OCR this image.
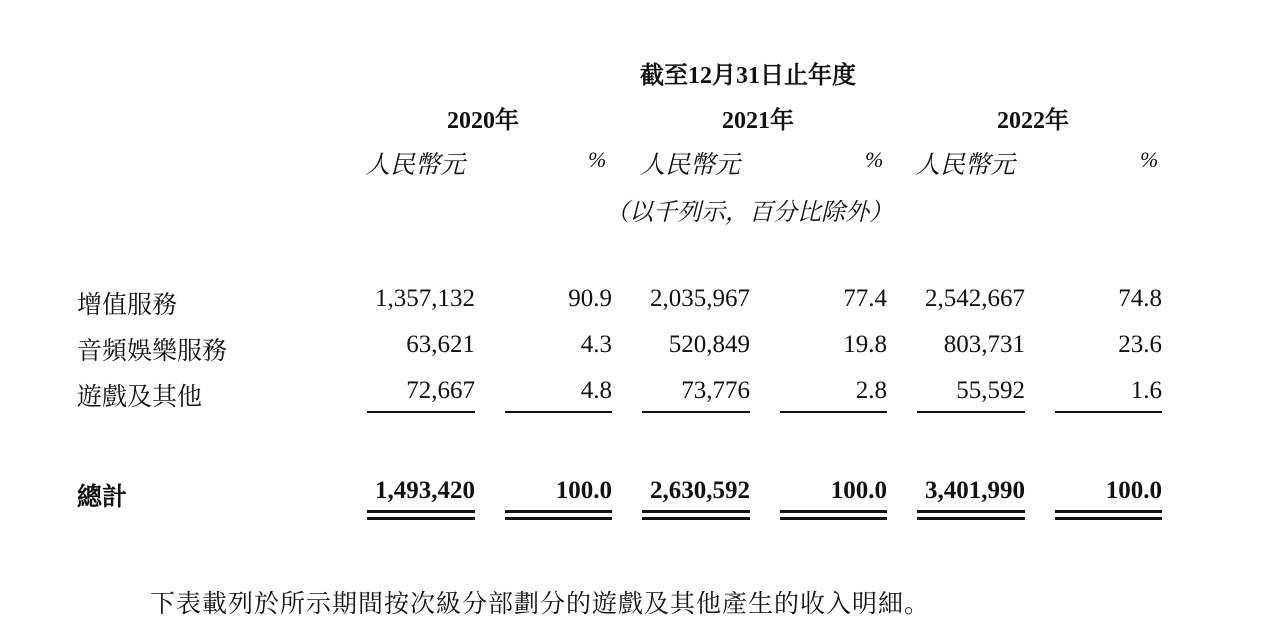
截至12月31日止年度
2020年	2021年	2022年
人民幣元	% 人民幣元	% 人民幣元	%
（以千列示，百分比除外）
增值服務	1,357,132	90.9	2,035,967	77.4	2,542,667	74.8
音頻娛樂服務	63,621	4.3	520,849	19.8	803,731	23.6
遊戲及其他	72,667	4.8	73,776	2.8	55,592	1.6
總計	1,493,420	100.0	2,630,592	100.0	3,401,990	100.0
下表載列於所示期間按次級分部劃分的遊戲及其他產生的收入明細。
